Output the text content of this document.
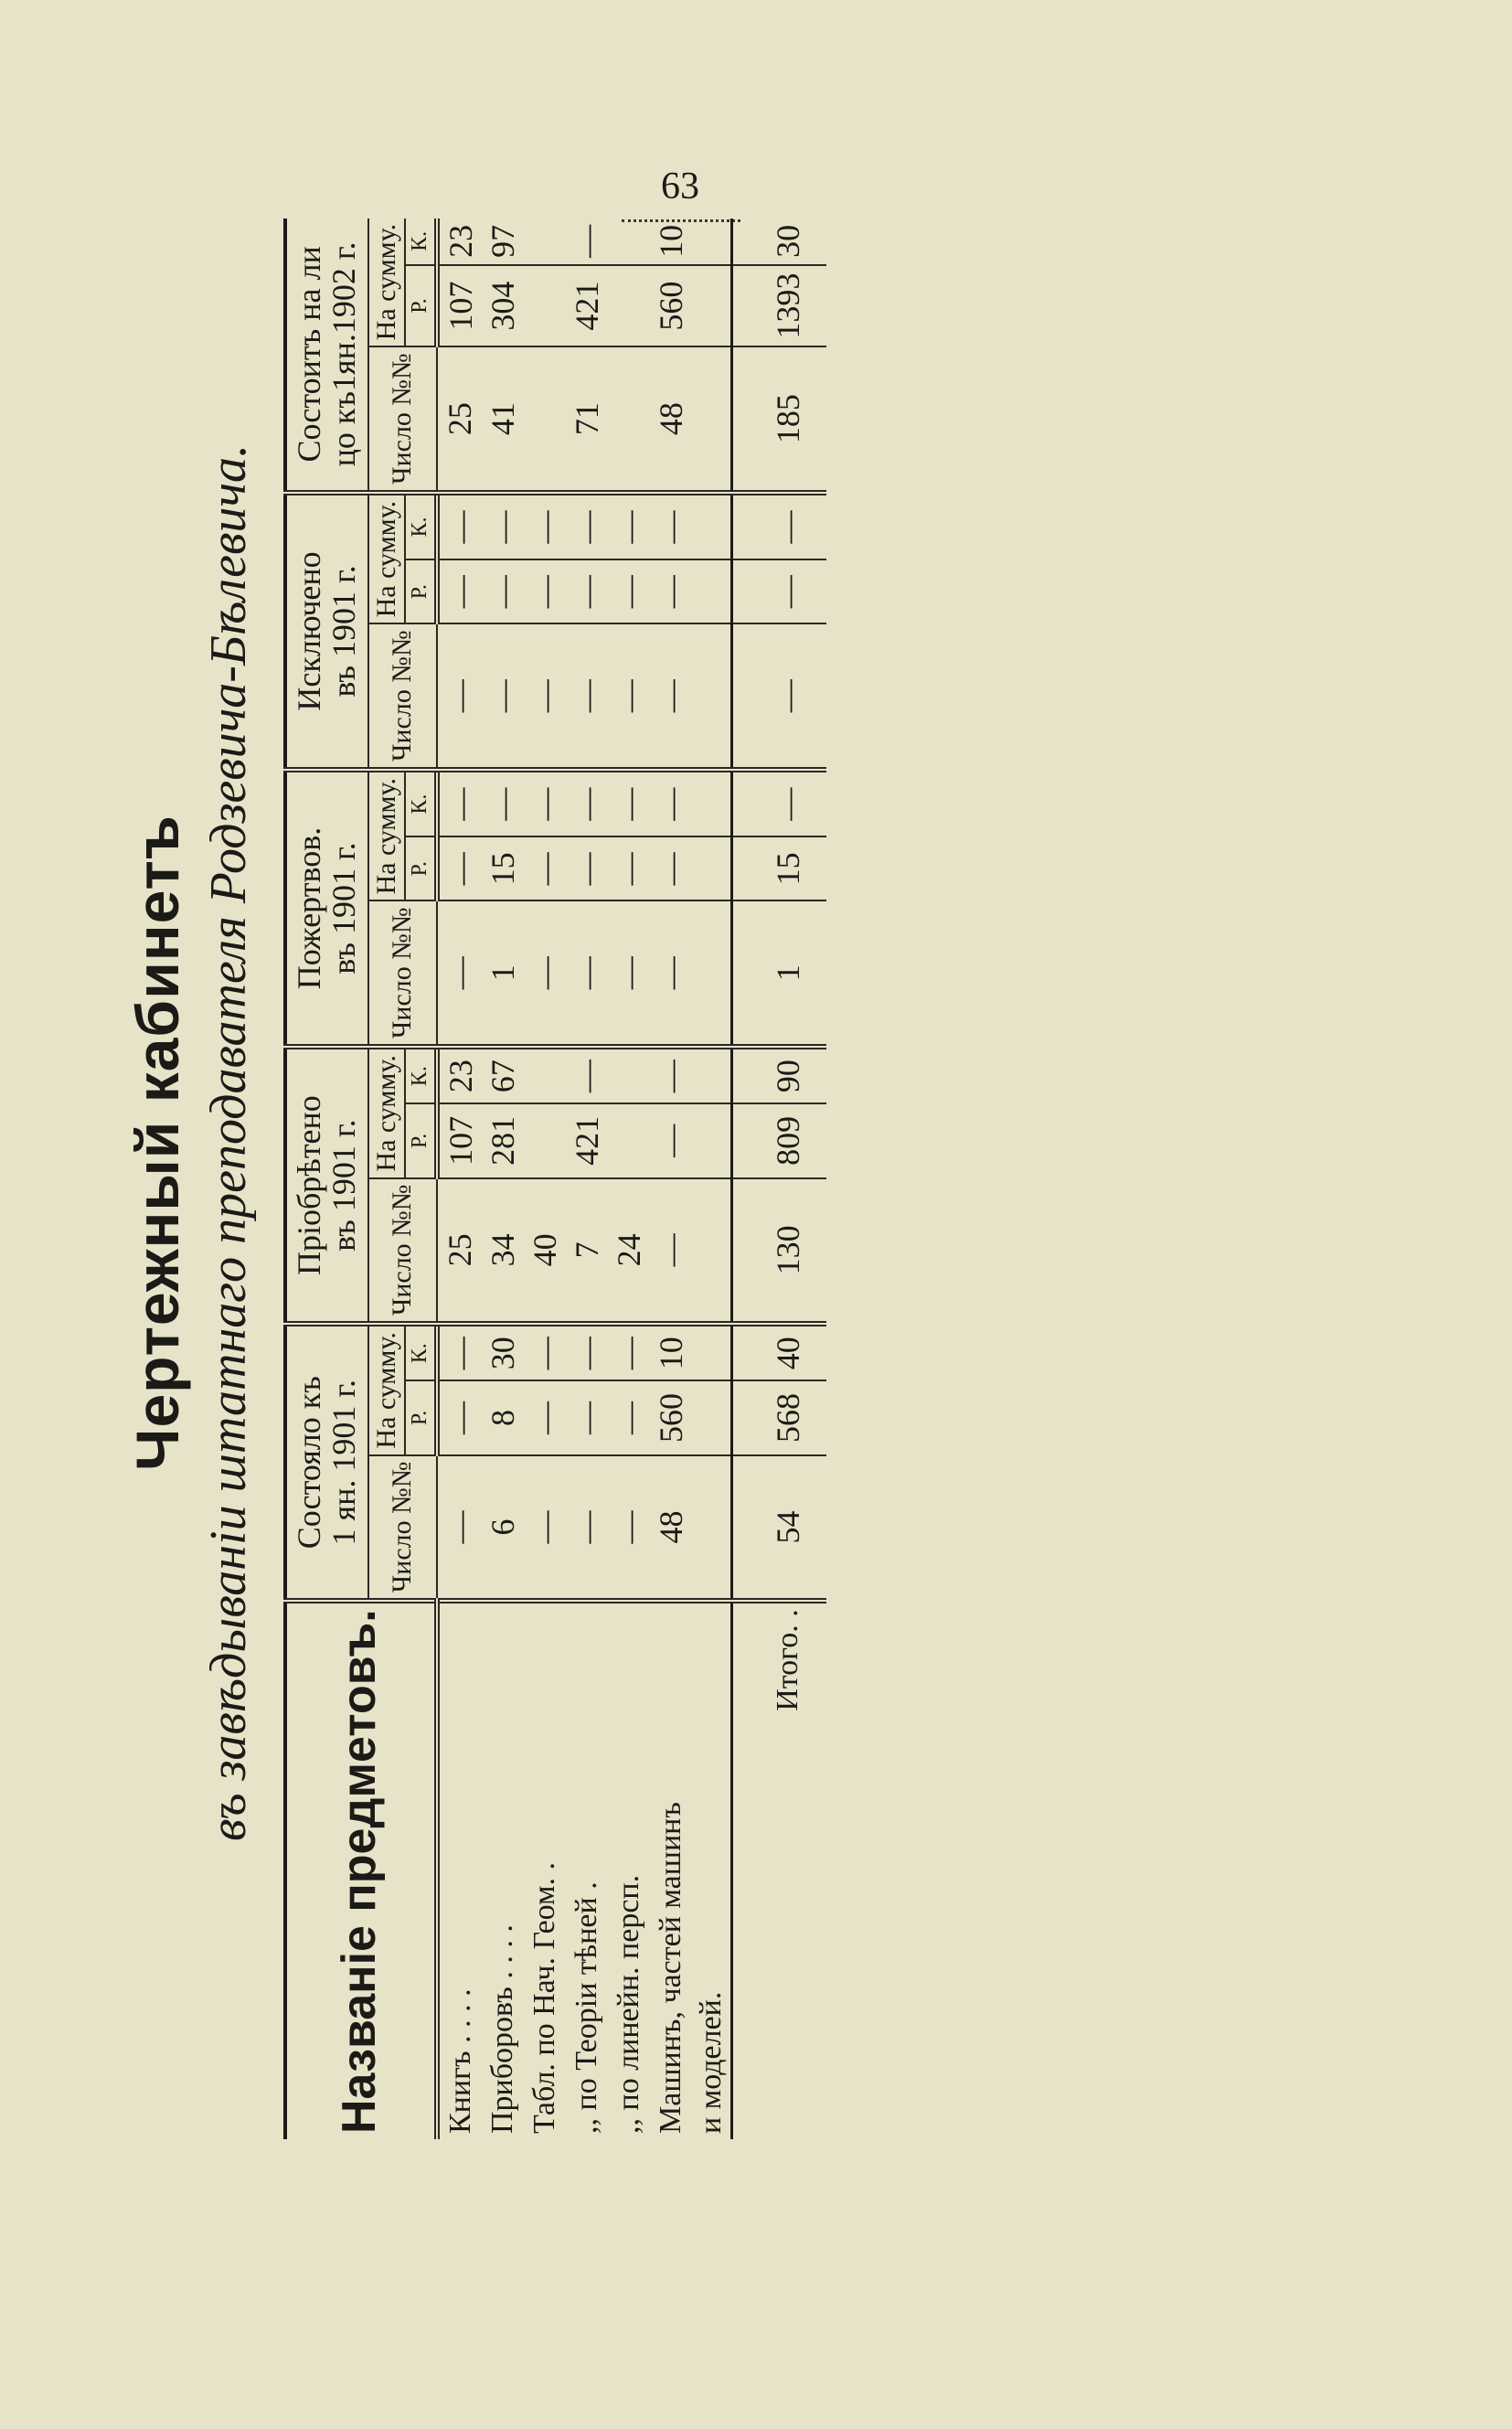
63
Чертежный кабинетъ въ завѣдываніи штатнаго преподавателя Родзевича-Бѣлевича.
Названіе предметовъ.	Состояло къ
1 ян. 1901 г.			Пріобрѣтено
въ 1901 г.			Пожертвов.
въ 1901 г.			Исключено
въ 1901 г.			Состоитъ на ли
цо къ1ян.1902 г.		
	Число №№	На сумму.		Число №№	На сумму.		Число №№	На сумму.		Число №№	На сумму.		Число №№	На сумму.	
		Р.	К.		Р.	К.		Р.	К.		Р.	К.		Р.	К.
Книгъ . . . .	—	—	—	25	107	23	—	—	—	—	—	—	25	107	23
Приборовъ . . . .	6	8	30	34	281	67	1	15	—	—	—	—	41	304	97
Табл. по Нач. Геом. .	—	—	—	40			—	—	—	—	—	—			
,, по Теоріи тѣней .	—	—	—	7	421	—	—	—	—	—	—	—	71	421	—
,, по линейн. персп.	—	—	—	24			—	—	—	—	—	—			
Машинъ, частей машинъ	48	560	10	—	—	—	—	—	—	—	—	—	48	560	10
и моделей.															
Итого. .	54	568	40	130	809	90	1	15	—	—	—	—	185	1393	30
